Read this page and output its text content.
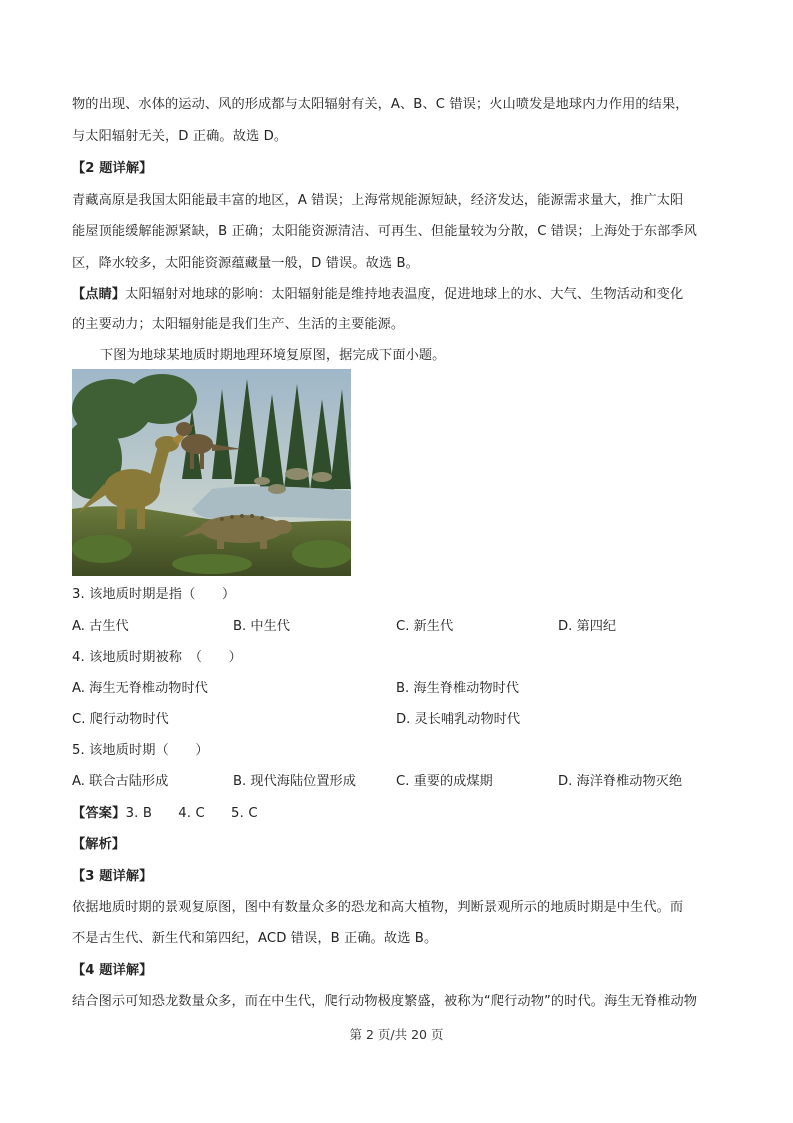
物的出现、水体的运动、风的形成都与太阳辐射有关，A、B、C 错误；火山喷发是地球内力作用的结果，
与太阳辐射无关，D 正确。故选 D。
【2 题详解】
青藏高原是我国太阳能最丰富的地区，A 错误；上海常规能源短缺，经济发达，能源需求量大，推广太阳
能屋顶能缓解能源紧缺，B 正确；太阳能资源清洁、可再生、但能量较为分散，C 错误；上海处于东部季风
区，降水较多，太阳能资源蕴藏量一般，D 错误。故选 B。
【点睛】太阳辐射对地球的影响：太阳辐射能是维持地表温度，促进地球上的水、大气、生物活动和变化
的主要动力；太阳辐射能是我们生产、生活的主要能源。
下图为地球某地质时期地理环境复原图，据完成下面小题。
3. 该地质时期是指（　　）
A. 古生代	B. 中生代	C. 新生代	D. 第四纪
4. 该地质时期被称　（　　）
A. 海生无脊椎动物时代	B. 海生脊椎动物时代
C. 爬行动物时代	D. 灵长哺乳动物时代
5. 该地质时期（　　）
A. 联合古陆形成	B. 现代海陆位置形成	C. 重要的成煤期	D. 海洋脊椎动物灭绝
【答案】3. B 4. C 5. C
【解析】
【3 题详解】
依据地质时期的景观复原图，图中有数量众多的恐龙和高大植物，判断景观所示的地质时期是中生代。而
不是古生代、新生代和第四纪，ACD 错误，B 正确。故选 B。
【4 题详解】
结合图示可知恐龙数量众多，而在中生代，爬行动物极度繁盛，被称为“爬行动物”的时代。海生无脊椎动物
第 2 页/共 20 页
